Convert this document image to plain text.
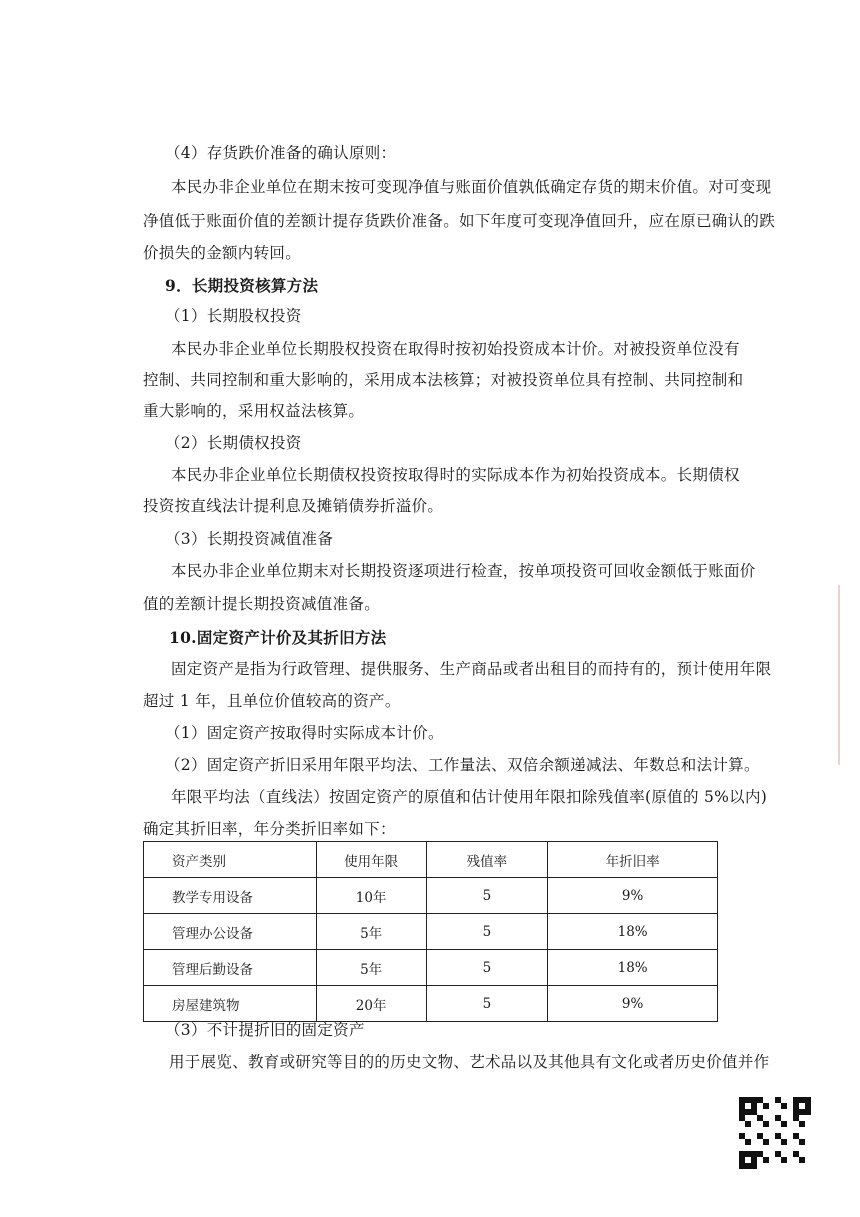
（4）存货跌价准备的确认原则：
本民办非企业单位在期末按可变现净值与账面价值孰低确定存货的期末价值。对可变现
净值低于账面价值的差额计提存货跌价准备。如下年度可变现净值回升，应在原已确认的跌
价损失的金额内转回。
9．长期投资核算方法
（1）长期股权投资
本民办非企业单位长期股权投资在取得时按初始投资成本计价。对被投资单位没有
控制、共同控制和重大影响的，采用成本法核算；对被投资单位具有控制、共同控制和
重大影响的，采用权益法核算。
（2）长期债权投资
本民办非企业单位长期债权投资按取得时的实际成本作为初始投资成本。长期债权
投资按直线法计提利息及摊销债券折溢价。
（3）长期投资减值准备
本民办非企业单位期末对长期投资逐项进行检查，按单项投资可回收金额低于账面价
值的差额计提长期投资减值准备。
10.固定资产计价及其折旧方法
固定资产是指为行政管理、提供服务、生产商品或者出租目的而持有的，预计使用年限
超过 1 年，且单位价值较高的资产。
（1）固定资产按取得时实际成本计价。
（2）固定资产折旧采用年限平均法、工作量法、双倍余额递减法、年数总和法计算。
年限平均法（直线法）按固定资产的原值和估计使用年限扣除残值率(原值的 5%以内)
确定其折旧率，年分类折旧率如下：
资产类别	使用年限	残值率	年折旧率
教学专用设备	10年	5	9%
管理办公设备	5年	5	18%
管理后勤设备	5年	5	18%
房屋建筑物	20年	5	9%
（3）不计提折旧的固定资产
用于展览、教育或研究等目的的历史文物、艺术品以及其他具有文化或者历史价值并作
